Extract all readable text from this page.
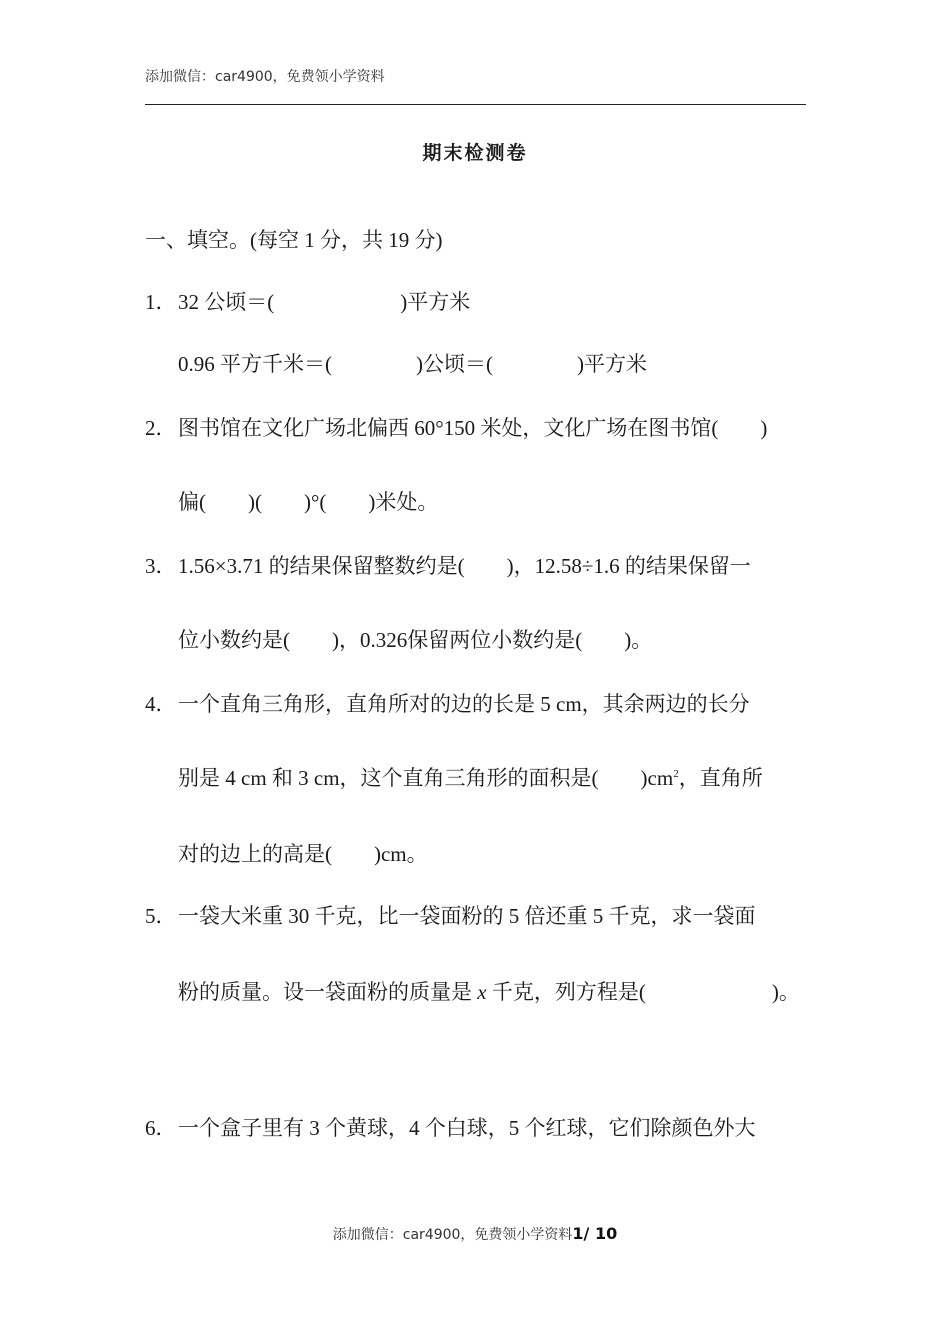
添加微信：car4900，免费领小学资料
期末检测卷
一、填空。(每空 1 分，共 19 分)
1．32 公顷＝(　　　　　　)平方米
0.96 平方千米＝(　　　　)公顷＝(　　　　)平方米
2．图书馆在文化广场北偏西 60°150 米处，文化广场在图书馆(　　)
偏(　　)(　　)°(　　)米处。
3．1.56×3.71 的结果保留整数约是(　　)，12.58÷1.6 的结果保留一
位小数约是(　　)，0.326保留两位小数约是(　　)。
4．一个直角三角形，直角所对的边的长是 5 cm，其余两边的长分
别是 4 cm 和 3 cm，这个直角三角形的面积是(　　)$cm^2$，直角所
对的边上的高是(　　)cm。
5．一袋大米重 30 千克，比一袋面粉的 5 倍还重 5 千克，求一袋面
粉的质量。设一袋面粉的质量是 x 千克，列方程是(　　　　　　)。
6．一个盒子里有 3 个黄球，4 个白球，5 个红球，它们除颜色外大
添加微信：car4900，免费领小学资料1/ 10
